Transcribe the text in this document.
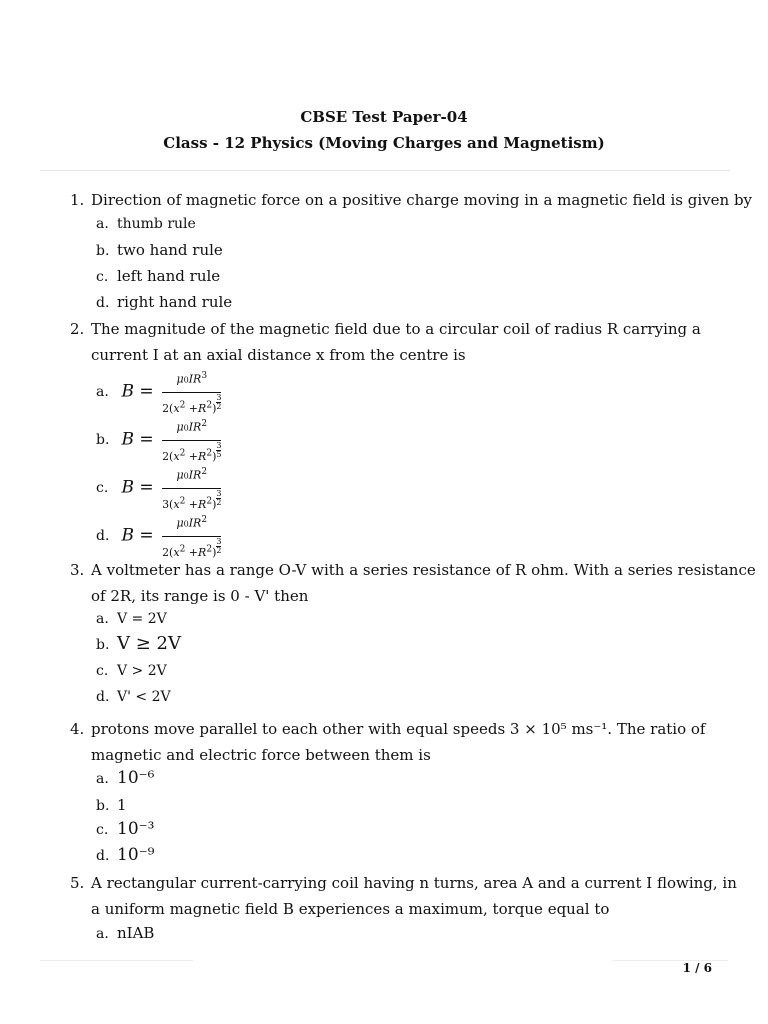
CBSE Test Paper-04
Class - 12 Physics (Moving Charges and Magnetism)
1. Direction of magnetic force on a positive charge moving in a magnetic field is given by
a. thumb rule
b. two hand rule
c. left hand rule
d. right hand rule
2. The magnitude of the magnetic field due to a circular coil of radius R carrying a
current I at an axial distance x from the centre is
a. $B = \frac{\mu 0IR^3}{2(x^2 +R^2) \frac{3}{2}}$
b. $B = \frac{\mu 0IR^2}{2(x^2 +R^2) \frac{3}{5}}$
c. $B = \frac{\mu 0IR^2}{3(x^2 +R^2) \frac{3}{2}}$
d. $B = \frac{\mu 0IR^2}{2(x^2 +R^2) \frac{3}{2}}$
3. A voltmeter has a range O-V with a series resistance of R ohm. With a series resistance
of 2R, its range is 0 - V' then
a. V = 2V
b. V ≥ 2V
c. V > 2V
d. V' < 2V
4. protons move parallel to each other with equal speeds 3 × 10⁵ ms⁻¹. The ratio of
magnetic and electric force between them is
a. 10⁻⁶
b. 1
c. 10⁻³
d. 10⁻⁹
5. A rectangular current-carrying coil having n turns, area A and a current I flowing, in
a uniform magnetic field B experiences a maximum, torque equal to
a. nIAB
1 / 6
